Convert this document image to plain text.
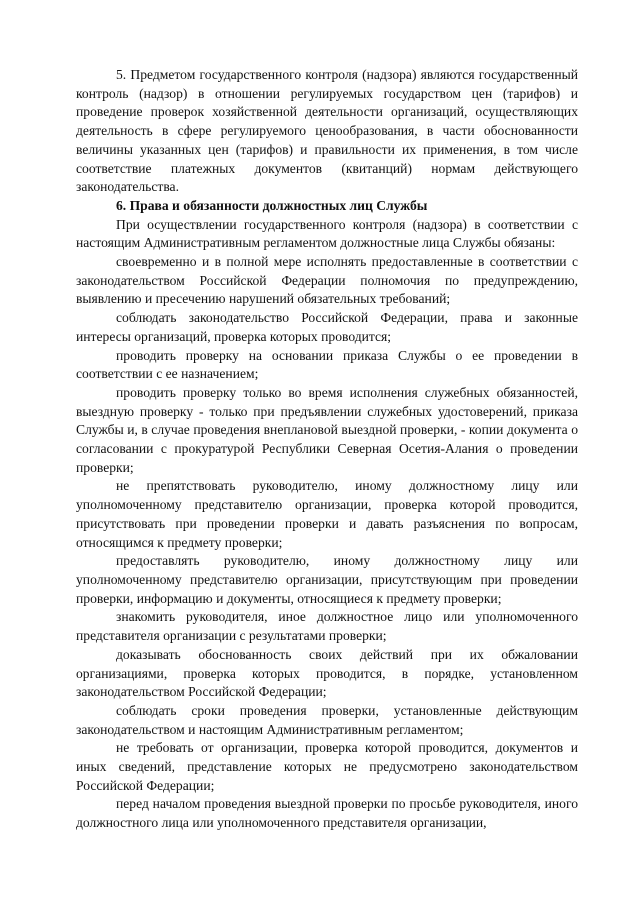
5. Предметом государственного контроля (надзора) являются государственный контроль (надзор) в отношении регулируемых государством цен (тарифов) и проведение проверок хозяйственной деятельности организаций, осуществляющих деятельность в сфере регулируемого ценообразования, в части обоснованности величины указанных цен (тарифов) и правильности их применения, в том числе соответствие платежных документов (квитанций) нормам действующего законодательства.

6. Права и обязанности должностных лиц Службы

При осуществлении государственного контроля (надзора) в соответствии с настоящим Административным регламентом должностные лица Службы обязаны:

своевременно и в полной мере исполнять предоставленные в соответствии с законодательством Российской Федерации полномочия по предупреждению, выявлению и пресечению нарушений обязательных требований;

соблюдать законодательство Российской Федерации, права и законные интересы организаций, проверка которых проводится;

проводить проверку на основании приказа Службы о ее проведении в соответствии с ее назначением;

проводить проверку только во время исполнения служебных обязанностей, выездную проверку - только при предъявлении служебных удостоверений, приказа Службы и, в случае проведения внеплановой выездной проверки, - копии документа о согласовании с прокуратурой Республики Северная Осетия-Алания о проведении проверки;

не препятствовать руководителю, иному должностному лицу или уполномоченному представителю организации, проверка которой проводится, присутствовать при проведении проверки и давать разъяснения по вопросам, относящимся к предмету проверки;

предоставлять руководителю, иному должностному лицу или уполномоченному представителю организации, присутствующим при проведении проверки, информацию и документы, относящиеся к предмету проверки;

знакомить руководителя, иное должностное лицо или уполномоченного представителя организации с результатами проверки;

доказывать обоснованность своих действий при их обжаловании организациями, проверка которых проводится, в порядке, установленном законодательством Российской Федерации;

соблюдать сроки проведения проверки, установленные действующим законодательством и настоящим Административным регламентом;

не требовать от организации, проверка которой проводится, документов и иных сведений, представление которых не предусмотрено законодательством Российской Федерации;

перед началом проведения выездной проверки по просьбе руководителя, иного должностного лица или уполномоченного представителя организации,
